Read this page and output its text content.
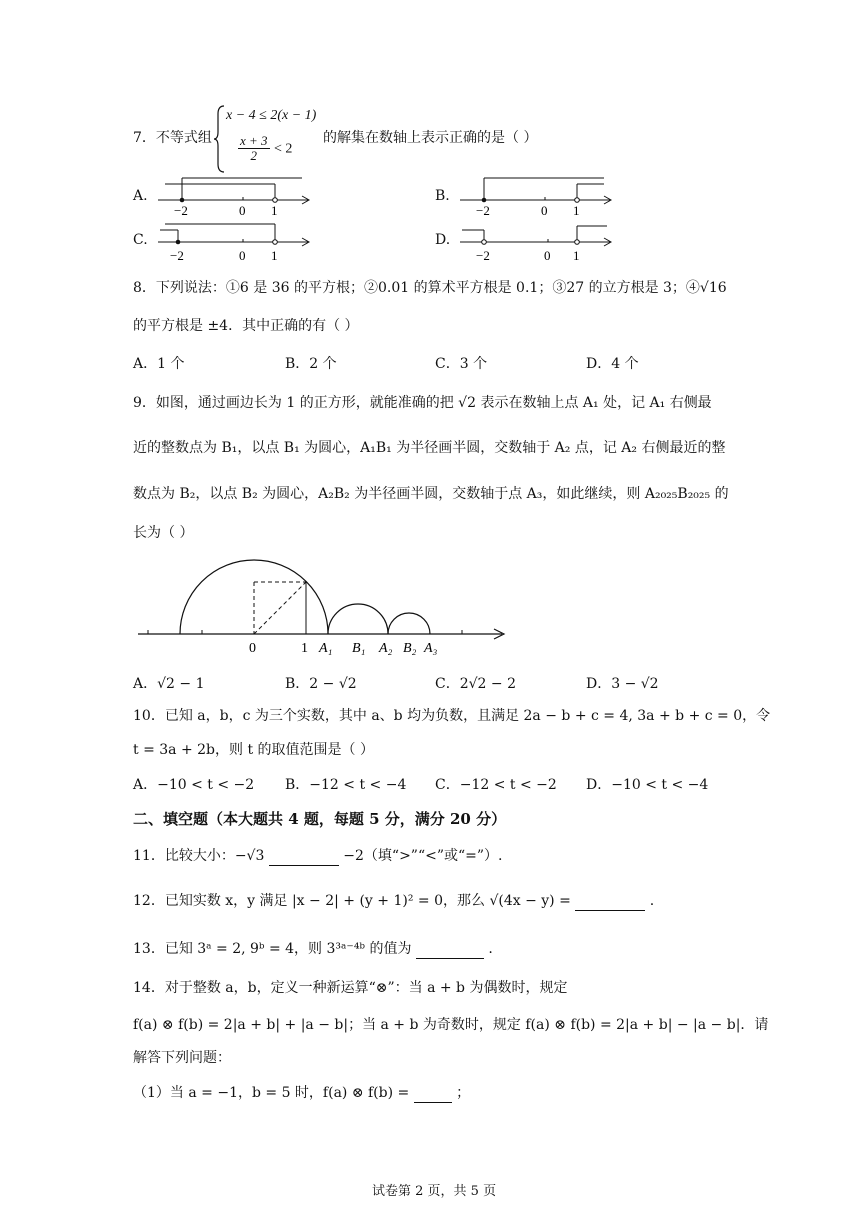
7．不等式组
x − 4 ≤ 2(x − 1)
$\frac{x + 3}{2} < 2$
的解集在数轴上表示正确的是（ ）
A.	B.
C.	D.
−2	0 1	−2	0 1
−2	0 1	−2	0 1
8．下列说法：①6 是 36 的平方根；②0.01 的算术平方根是 0.1；③27 的立方根是 3；④√16
的平方根是 ±4．其中正确的有（ ）
A．1 个	B．2 个	C．3 个	D．4 个
9．如图，通过画边长为 1 的正方形，就能准确的把 √2 表示在数轴上点 A₁ 处，记 A₁ 右侧最
近的整数点为 B₁，以点 B₁ 为圆心，A₁B₁ 为半径画半圆，交数轴于 A₂ 点，记 A₂ 右侧最近的整
数点为 B₂，以点 B₂ 为圆心，A₂B₂ 为半径画半圆，交数轴于点 A₃，如此继续，则 A₂₀₂₅B₂₀₂₅ 的
长为（ ）
0	1 A₁ B₁ A₂ B₂ A₃
A．√2 − 1	B．2 − √2	C．2√2 − 2	D．3 − √2
10．已知 a，b，c 为三个实数，其中 a、b 均为负数，且满足 2a − b + c = 4, 3a + b + c = 0，令
t = 3a + 2b，则 t 的取值范围是（ ）
A．−10 < t < −2 B．−12 < t < −4 C．−12 < t < −2 D．−10 < t < −4
二、填空题（本大题共 4 题，每题 5 分，满分 20 分）
11．比较大小：−√3	−2（填“>”“<”或“=”）.
12．已知实数 x，y 满足 |x − 2| + (y + 1)² = 0，那么 √(4x − y) =	.
13．已知 3ᵃ = 2, 9ᵇ = 4，则 3³ᵃ⁻⁴ᵇ 的值为	.
14．对于整数 a，b，定义一种新运算“⊗”：当 a + b 为偶数时，规定
f(a) ⊗ f(b) = 2|a + b| + |a − b|；当 a + b 为奇数时，规定 f(a) ⊗ f(b) = 2|a + b| − |a − b|．请
解答下列问题：
（1）当 a = −1，b = 5 时，f(a) ⊗ f(b) =	；
试卷第 2 页，共 5 页
